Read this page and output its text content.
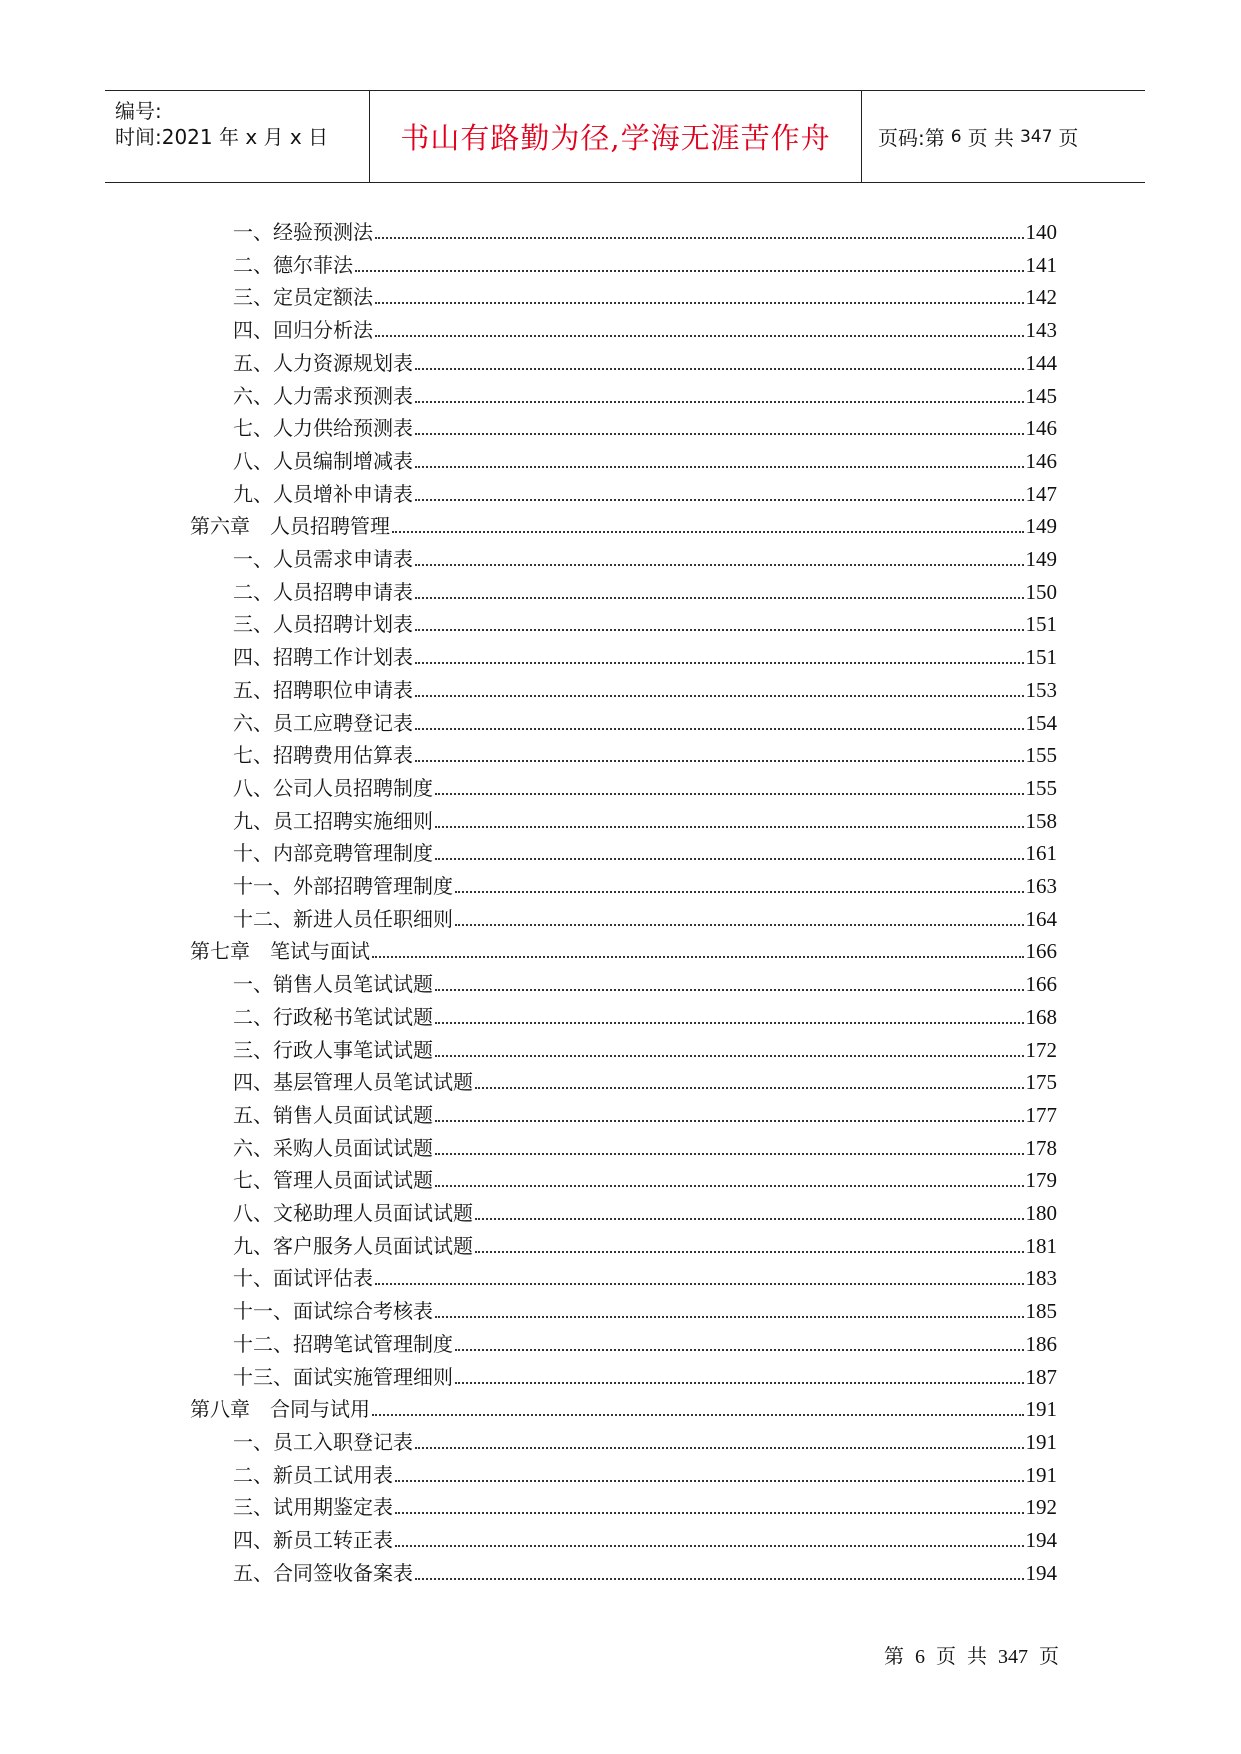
编号:
时间:2021 年 x 月 x 日 书山有路勤为径,学海无涯苦作舟 页码:第 6 页 共 347 页
一、经验预测法	140
二、德尔菲法	141
三、定员定额法	142
四、回归分析法	143
五、人力资源规划表	144
六、人力需求预测表	145
七、人力供给预测表	146
八、人员编制增减表	146
九、人员增补申请表	147
第六章　人员招聘管理	149
一、人员需求申请表	149
二、人员招聘申请表	150
三、人员招聘计划表	151
四、招聘工作计划表	151
五、招聘职位申请表	153
六、员工应聘登记表	154
七、招聘费用估算表	155
八、公司人员招聘制度	155
九、员工招聘实施细则	158
十、内部竞聘管理制度	161
十一、外部招聘管理制度	163
十二、新进人员任职细则	164
第七章　笔试与面试	166
一、销售人员笔试试题	166
二、行政秘书笔试试题	168
三、行政人事笔试试题	172
四、基层管理人员笔试试题	175
五、销售人员面试试题	177
六、采购人员面试试题	178
七、管理人员面试试题	179
八、文秘助理人员面试试题	180
九、客户服务人员面试试题	181
十、面试评估表	183
十一、面试综合考核表	185
十二、招聘笔试管理制度	186
十三、面试实施管理细则	187
第八章　合同与试用	191
一、员工入职登记表	191
二、新员工试用表	191
三、试用期鉴定表	192
四、新员工转正表	194
五、合同签收备案表	194
第 6 页 共 347 页
